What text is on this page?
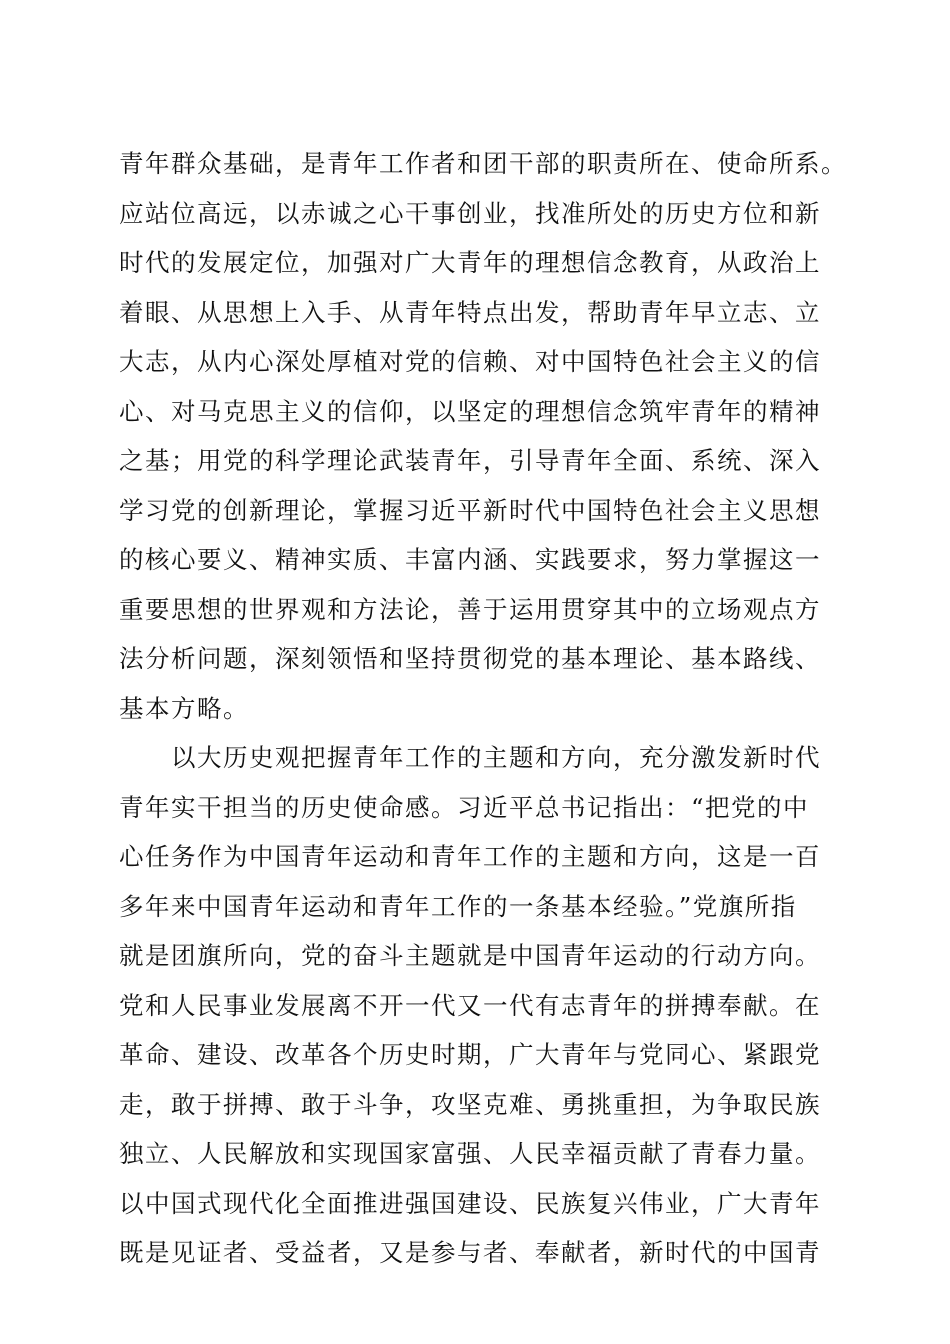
青年群众基础，是青年工作者和团干部的职责所在、使命所系。
应站位高远，以赤诚之心干事创业，找准所处的历史方位和新
时代的发展定位，加强对广大青年的理想信念教育，从政治上
着眼、从思想上入手、从青年特点出发，帮助青年早立志、立
大志，从内心深处厚植对党的信赖、对中国特色社会主义的信
心、对马克思主义的信仰，以坚定的理想信念筑牢青年的精神
之基；用党的科学理论武装青年，引导青年全面、系统、深入
学习党的创新理论，掌握习近平新时代中国特色社会主义思想
的核心要义、精神实质、丰富内涵、实践要求，努力掌握这一
重要思想的世界观和方法论，善于运用贯穿其中的立场观点方
法分析问题，深刻领悟和坚持贯彻党的基本理论、基本路线、
基本方略。
以大历史观把握青年工作的主题和方向，充分激发新时代
青年实干担当的历史使命感。习近平总书记指出：“把党的中
心任务作为中国青年运动和青年工作的主题和方向，这是一百
多年来中国青年运动和青年工作的一条基本经验。”党旗所指
就是团旗所向，党的奋斗主题就是中国青年运动的行动方向。
党和人民事业发展离不开一代又一代有志青年的拼搏奉献。在
革命、建设、改革各个历史时期，广大青年与党同心、紧跟党
走，敢于拼搏、敢于斗争，攻坚克难、勇挑重担，为争取民族
独立、人民解放和实现国家富强、人民幸福贡献了青春力量。
以中国式现代化全面推进强国建设、民族复兴伟业，广大青年
既是见证者、受益者，又是参与者、奉献者，新时代的中国青
